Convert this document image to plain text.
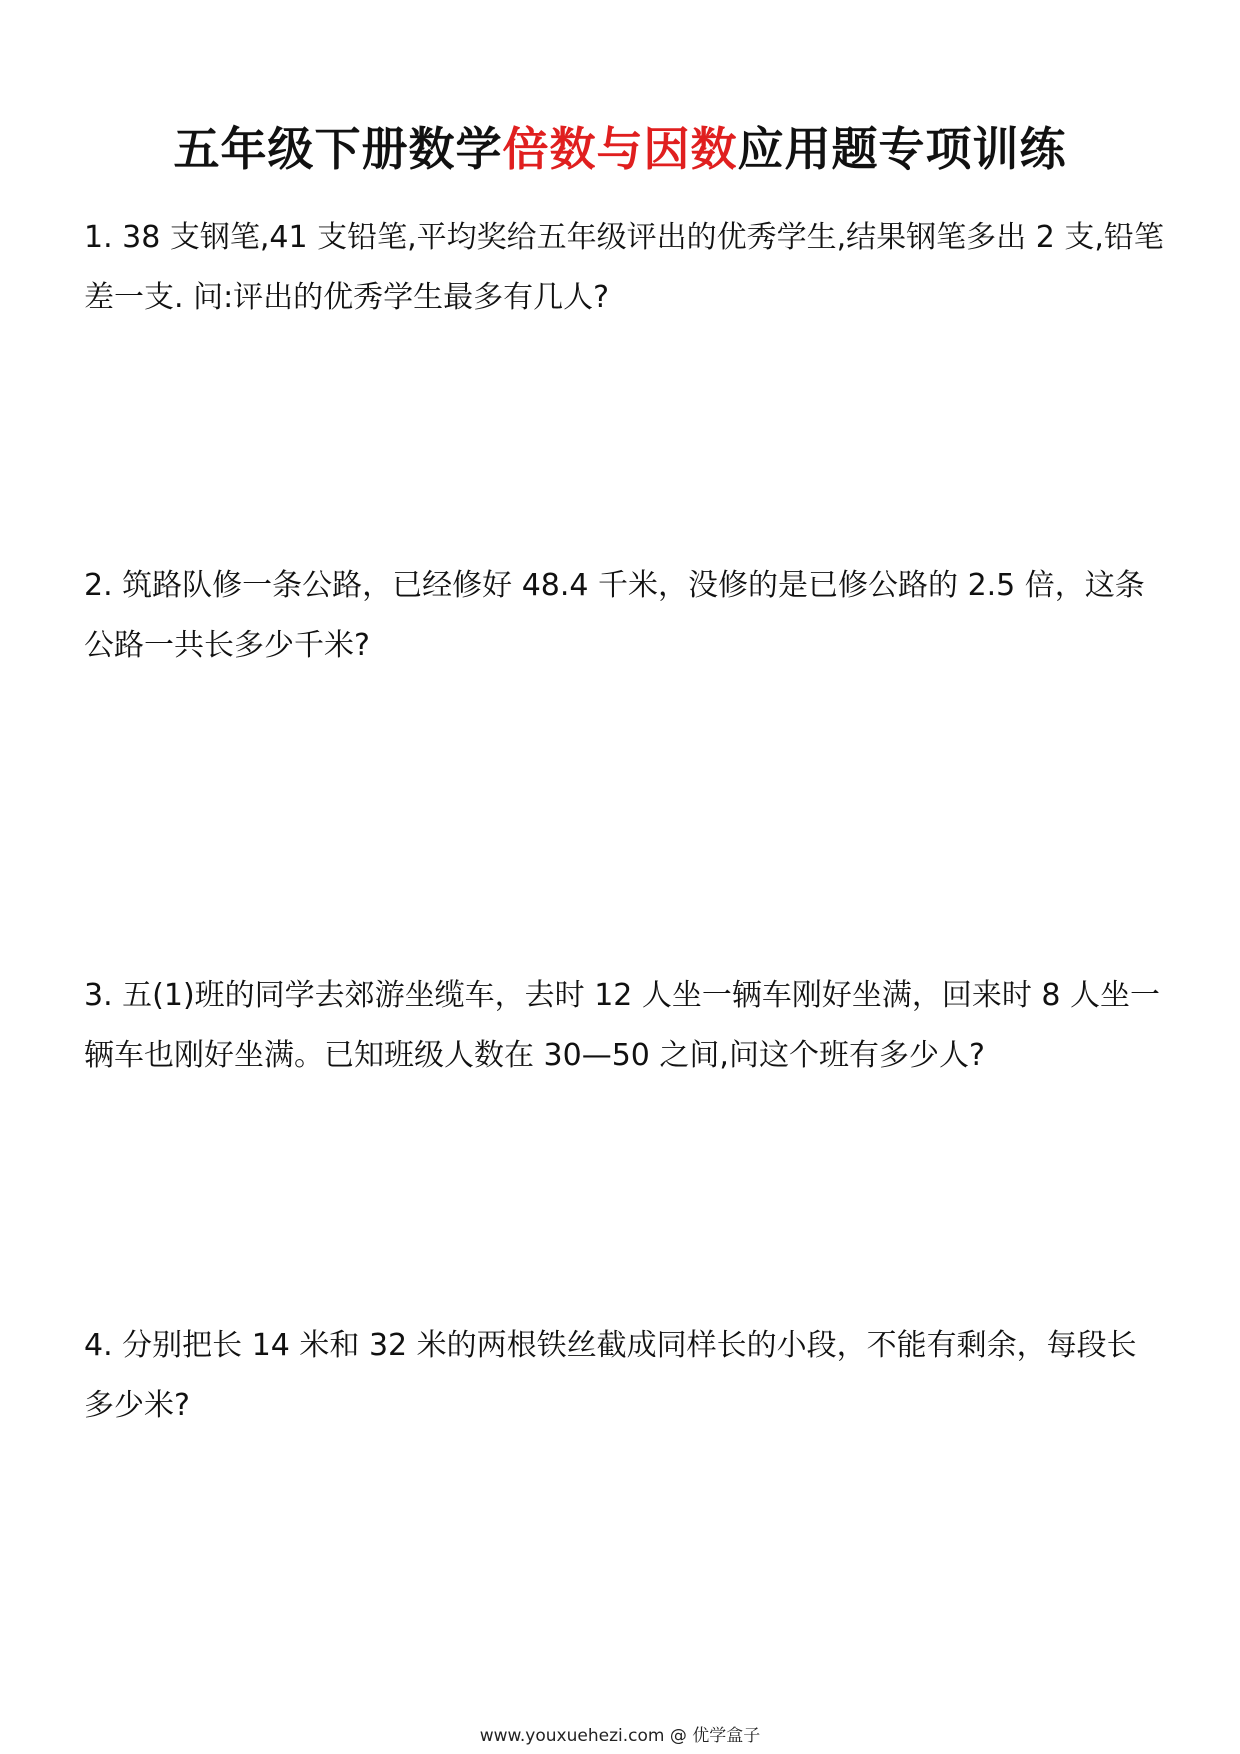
五年级下册数学倍数与因数应用题专项训练

1. 38 支钢笔,41 支铅笔,平均奖给五年级评出的优秀学生,结果钢笔多出 2 支,铅笔差一支. 问:评出的优秀学生最多有几人?

2. 筑路队修一条公路，已经修好 48.4 千米，没修的是已修公路的 2.5 倍，这条公路一共长多少千米?

3. 五(1)班的同学去郊游坐缆车，去时 12 人坐一辆车刚好坐满，回来时 8 人坐一辆车也刚好坐满。已知班级人数在 30—50 之间,问这个班有多少人?

4. 分别把长 14 米和 32 米的两根铁丝截成同样长的小段，不能有剩余，每段长多少米?

www.youxuehezi.com @ 优学盒子
